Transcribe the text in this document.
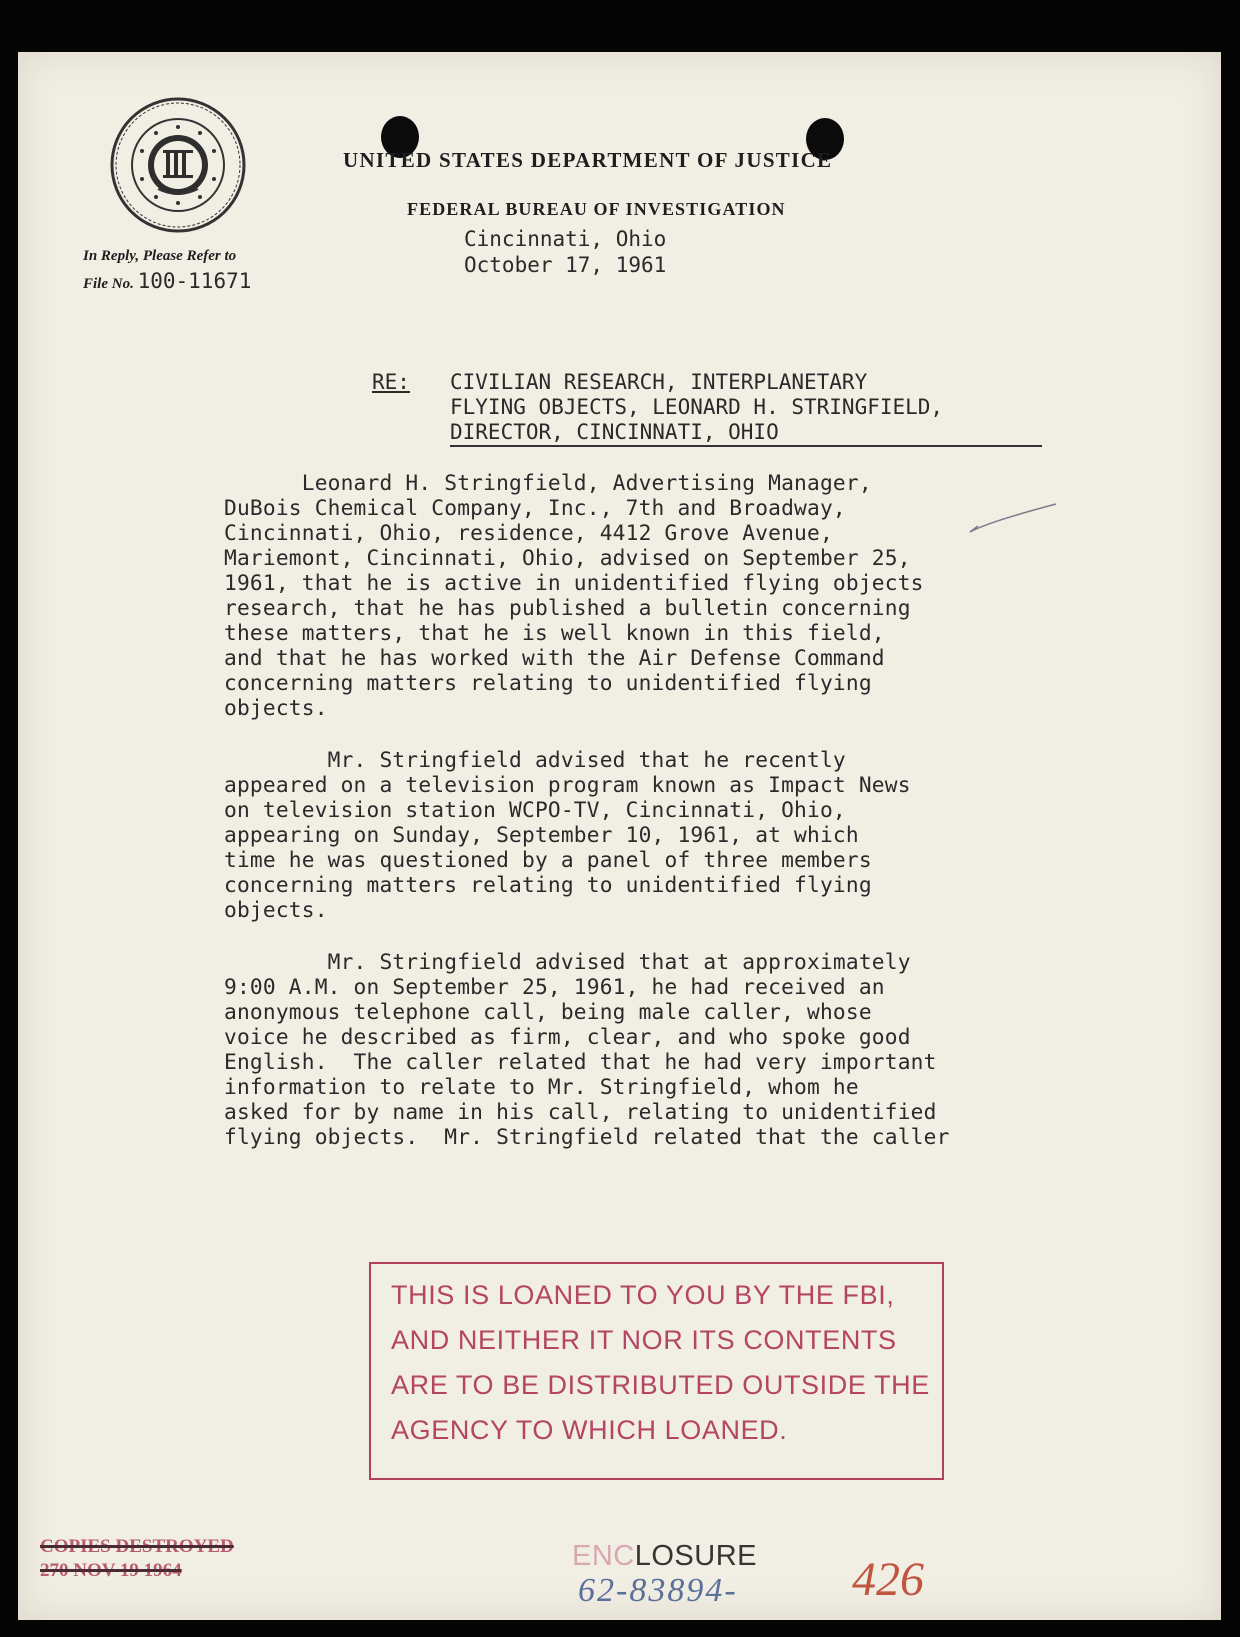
UNITED STATES DEPARTMENT OF JUSTICE
FEDERAL BUREAU OF INVESTIGATION
Cincinnati, Ohio
October 17, 1961
In Reply, Please Refer to
File No. 100-11671
RE: CIVILIAN RESEARCH, INTERPLANETARY
FLYING OBJECTS, LEONARD H. STRINGFIELD,
DIRECTOR, CINCINNATI, OHIO
Leonard H. Stringfield, Advertising Manager,
DuBois Chemical Company, Inc., 7th and Broadway,
Cincinnati, Ohio, residence, 4412 Grove Avenue,
Mariemont, Cincinnati, Ohio, advised on September 25,
1961, that he is active in unidentified flying objects
research, that he has published a bulletin concerning
these matters, that he is well known in this field,
and that he has worked with the Air Defense Command
concerning matters relating to unidentified flying
objects.
Mr. Stringfield advised that he recently
appeared on a television program known as Impact News
on television station WCPO-TV, Cincinnati, Ohio,
appearing on Sunday, September 10, 1961, at which
time he was questioned by a panel of three members
concerning matters relating to unidentified flying
objects.
Mr. Stringfield advised that at approximately
9:00 A.M. on September 25, 1961, he had received an
anonymous telephone call, being male caller, whose
voice he described as firm, clear, and who spoke good
English.  The caller related that he had very important
information to relate to Mr. Stringfield, whom he
asked for by name in his call, relating to unidentified
flying objects.  Mr. Stringfield related that the caller
THIS IS LOANED TO YOU BY THE FBI,
AND NEITHER IT NOR ITS CONTENTS
ARE TO BE DISTRIBUTED OUTSIDE THE
AGENCY TO WHICH LOANED.
COPIES DESTROYED
270 NOV 19 1964	ENCLOSURE
62-83894- 426
